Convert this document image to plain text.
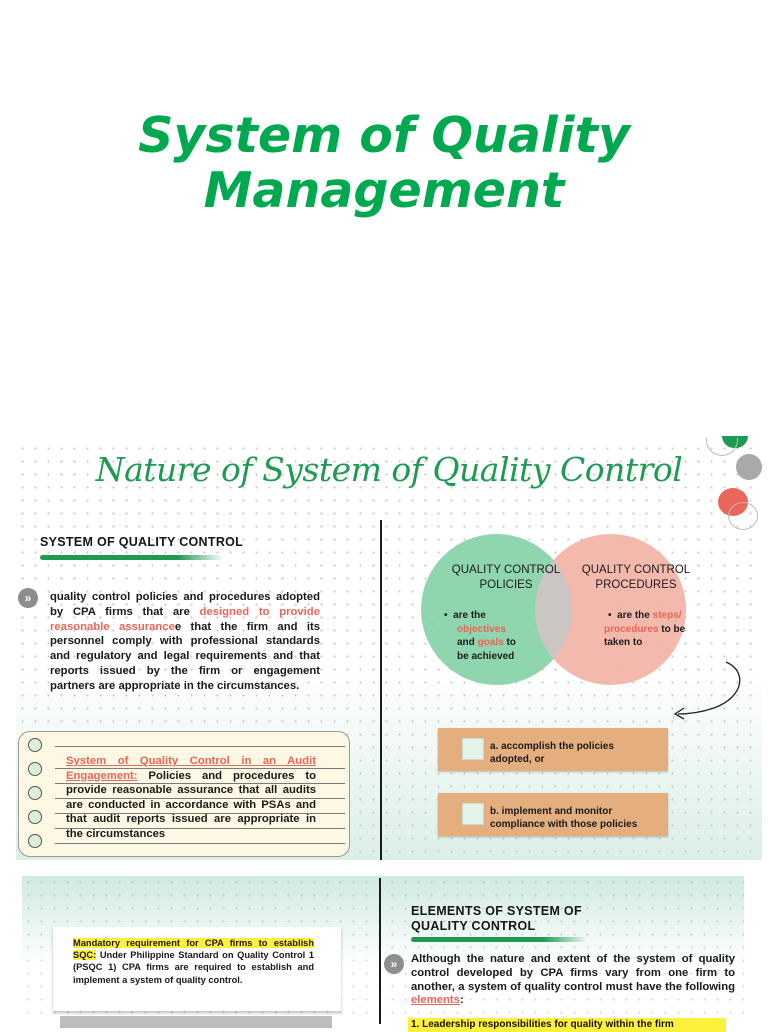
System of Quality Management
Nature of System of Quality Control
SYSTEM OF QUALITY CONTROL
»	quality control policies and procedures adopted by CPA firms that are designed to provide reasonable assurancee that the firm and its personnel comply with professional standards and regulatory and legal requirements and that reports issued by the firm or engagement partners are appropriate in the circumstances.
System of Quality Control in an Audit Engagement: Policies and procedures to provide reasonable assurance that all audits are conducted in accordance with PSAs and that audit reports issued are appropriate in the circumstances
QUALITY CONTROL
POLICIES
•  are the
objectives
and goals to
be achieved
QUALITY CONTROL
PROCEDURES
•  are the steps/
procedures to be
taken to
a. accomplish the policies
adopted, or
b. implement and monitor
compliance with those policies
Mandatory requirement for CPA firms to establish SQC: Under Philippine Standard on Quality Control 1 (PSQC 1) CPA firms are required to establish and implement a system of quality control.
ELEMENTS OF SYSTEM OF
QUALITY CONTROL
»	Although the nature and extent of the system of quality control developed by CPA firms vary from one firm to another, a system of quality control must have the following elements:
1. Leadership responsibilities for quality within the firm
